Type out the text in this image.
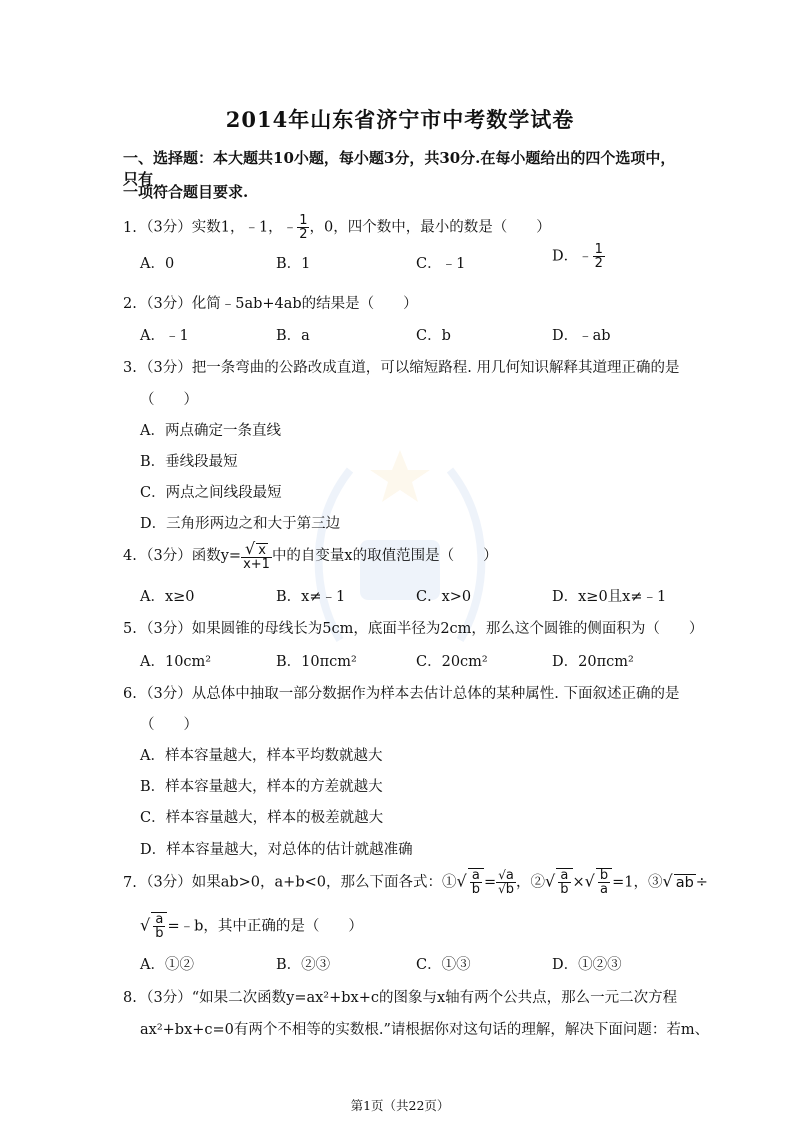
2014年山东省济宁市中考数学试卷
一、选择题：本大题共10小题，每小题3分，共30分.在每小题给出的四个选项中，只有
一项符合题目要求.
1. （3分）实数1，﹣1，﹣ $\frac{1}{2}$ ，0，四个数中，最小的数是（　　）
A．0	B．1	C．﹣1	D．﹣ $\frac{1}{2}$
2. （3分）化简﹣5ab+4ab的结果是（　　）
A．﹣1	B．a	C．b	D．﹣ab
3. （3分）把一条弯曲的公路改成直道，可以缩短路程. 用几何知识解释其道理正确的是
（　　）
A．两点确定一条直线
B．垂线段最短
C．两点之间线段最短
D．三角形两边之和大于第三边
4. （3分）函数$y= \frac{√ x}{x+1}$ 中的自变量x的取值范围是（　　）
A．x≥0	B．x≠﹣1	C．x>0	D．x≥0且x≠﹣1
5. （3分）如果圆锥的母线长为5cm，底面半径为2cm，那么这个圆锥的侧面积为（　　）
A．10cm²	B．10πcm²	C．20cm²	D．20πcm²
6. （3分）从总体中抽取一部分数据作为样本去估计总体的某种属性. 下面叙述正确的是
（　　）
A．样本容量越大，样本平均数就越大
B．样本容量越大，样本的方差就越大
C．样本容量越大，样本的极差就越大
D．样本容量越大，对总体的估计就越准确
7. （3分）如果ab>0，a+b<0，那么下面各式：①√ $\frac{a}{b} = \frac{√a}{√b}$ ，②√ $\frac{a}{b}$ ×√ $\frac{b}{a} =1$，③√ ab ÷
√ $\frac{a}{b}$ =﹣b，其中正确的是（　　）
A．①②	B．②③	C．①③	D．①②③
8. （3分）“如果二次函数y=ax²+bx+c的图象与x轴有两个公共点，那么一元二次方程
ax²+bx+c=0有两个不相等的实数根.”请根据你对这句话的理解，解决下面问题：若m、
第1页（共22页）
